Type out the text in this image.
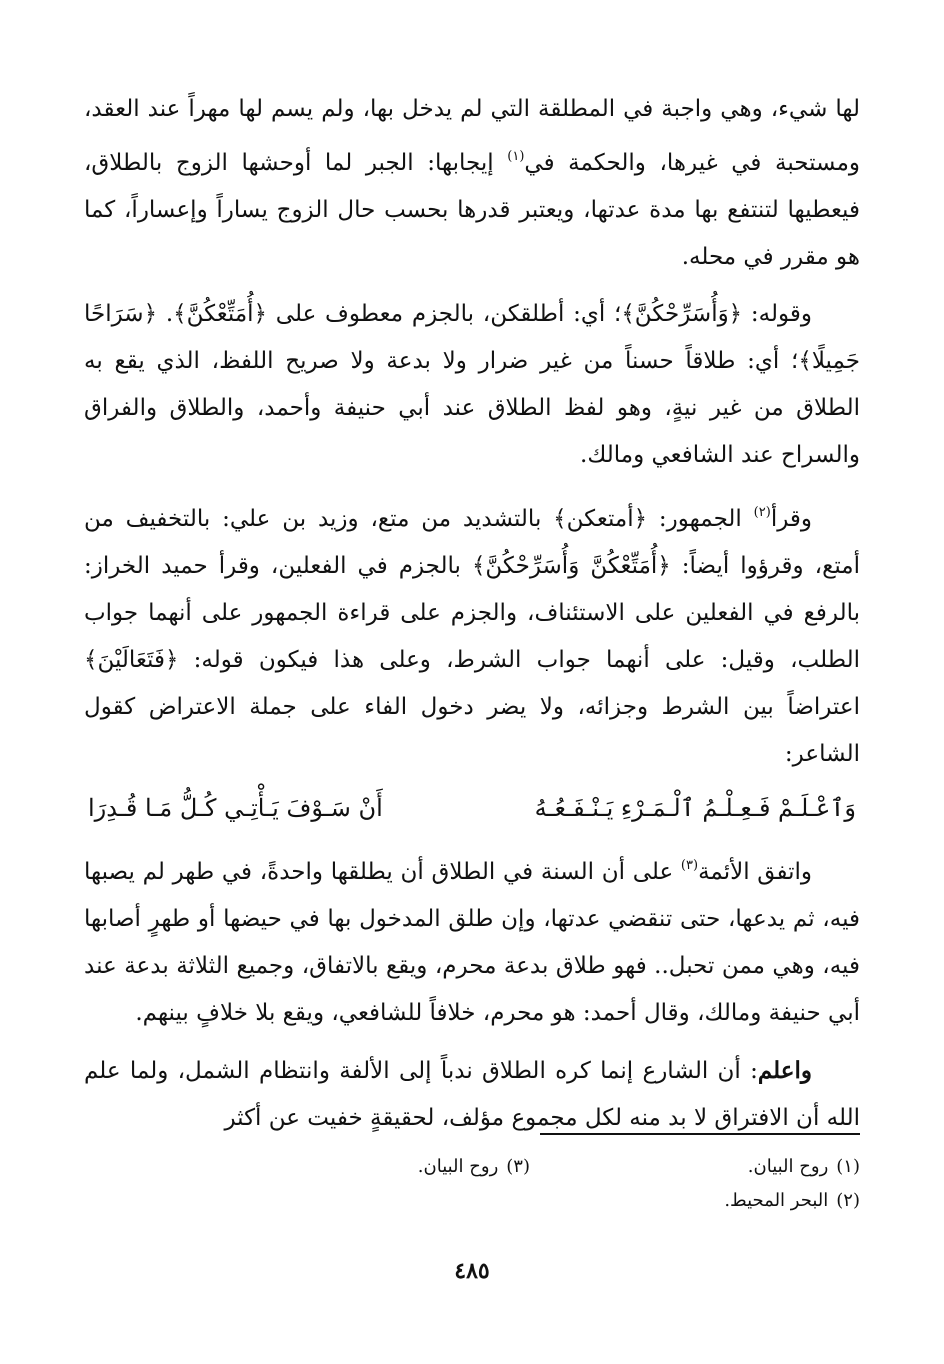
لها شيء، وهي واجبة في المطلقة التي لم يدخل بها، ولم يسم لها مهراً عند العقد، ومستحبة في غيرها، والحكمة في$^{(١)}$ إيجابها: الجبر لما أوحشها الزوج بالطلاق، فيعطيها لتنتفع بها مدة عدتها، ويعتبر قدرها بحسب حال الزوج يساراً وإعساراً، كما هو مقرر في محله.

وقوله: ﴿وَأُسَرِّحْكُنَّ﴾؛ أي: أطلقكن، بالجزم معطوف على ﴿أُمَتِّعْكُنَّ﴾. ﴿سَرَاحًا جَمِيلًا﴾؛ أي: طلاقاً حسناً من غير ضرار ولا بدعة ولا صريح اللفظ، الذي يقع به الطلاق من غير نيةٍ، وهو لفظ الطلاق عند أبي حنيفة وأحمد، والطلاق والفراق والسراح عند الشافعي ومالك.

وقرأ$^{(٢)}$ الجمهور: ﴿أمتعكن﴾ بالتشديد من متع، وزيد بن علي: بالتخفيف من أمتع، وقرؤوا أيضاً: ﴿أُمَتِّعْكُنَّ وَأُسَرِّحْكُنَّ﴾ بالجزم في الفعلين، وقرأ حميد الخراز: بالرفع في الفعلين على الاستئناف، والجزم على قراءة الجمهور على أنهما جواب الطلب، وقيل: على أنهما جواب الشرط، وعلى هذا فيكون قوله: ﴿فَتَعَالَيْنَ﴾ اعتراضاً بين الشرط وجزائه، ولا يضر دخول الفاء على جملة الاعتراض كقول الشاعر:

وَٱعْـلَـمْ فَـعِـلْـمُ ٱلْـمَـرْءِ يَـنْـفَـعُـهُ
أَنْ سَـوْفَ يَـأْتِـي كُـلُّ مَـا قُـدِرَا

واتفق الأئمة$^{(٣)}$ على أن السنة في الطلاق أن يطلقها واحدةً، في طهر لم يصبها فيه، ثم يدعها، حتى تنقضي عدتها، وإن طلق المدخول بها في حيضها أو طهرٍ أصابها فيه، وهي ممن تحبل.. فهو طلاق بدعة محرم، ويقع بالاتفاق، وجميع الثلاثة بدعة عند أبي حنيفة ومالك، وقال أحمد: هو محرم، خلافاً للشافعي، ويقع بلا خلافٍ بينهم.

واعلم: أن الشارع إنما كره الطلاق ندباً إلى الألفة وانتظام الشمل، ولما علم الله أن الافتراق لا بد منه لكل مجموع مؤلف، لحقيقةٍ خفيت عن أكثر

(١)روح البيان.
(٣)روح البيان.
(٢)البحر المحيط.
٤٨٥
